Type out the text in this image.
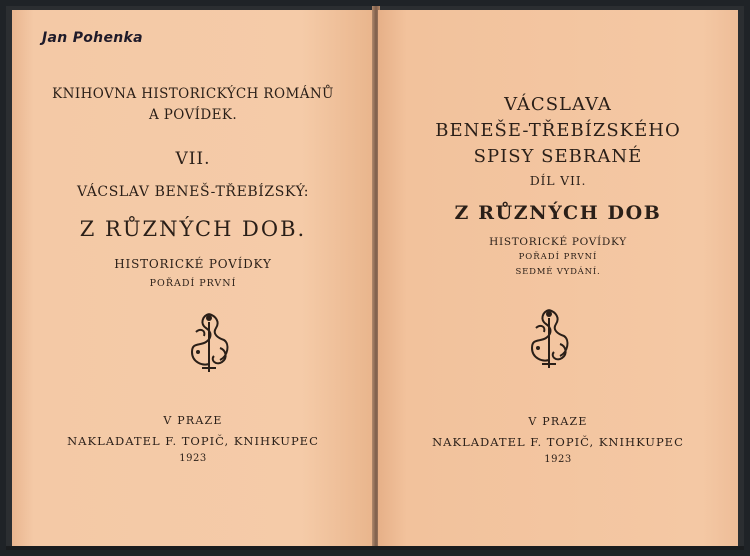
Jan Pohenka
KNIHOVNA HISTORICKÝCH ROMÁNŮ
A POVÍDEK.
VII.
VÁCSLAV BENEŠ-TŘEBÍZSKÝ:
Z RŮZNÝCH DOB.
HISTORICKÉ POVÍDKY
POŘADÍ PRVNÍ
V PRAZE
NAKLADATEL F. TOPIČ, KNIHKUPEC
1923
VÁCSLAVA
BENEŠE-TŘEBÍZSKÉHO
SPISY SEBRANÉ
DÍL VII.
Z RŮZNÝCH DOB
HISTORICKÉ POVÍDKY
POŘADÍ PRVNÍ
SEDMÉ VYDÁNÍ.
V PRAZE
NAKLADATEL F. TOPIČ, KNIHKUPEC
1923
